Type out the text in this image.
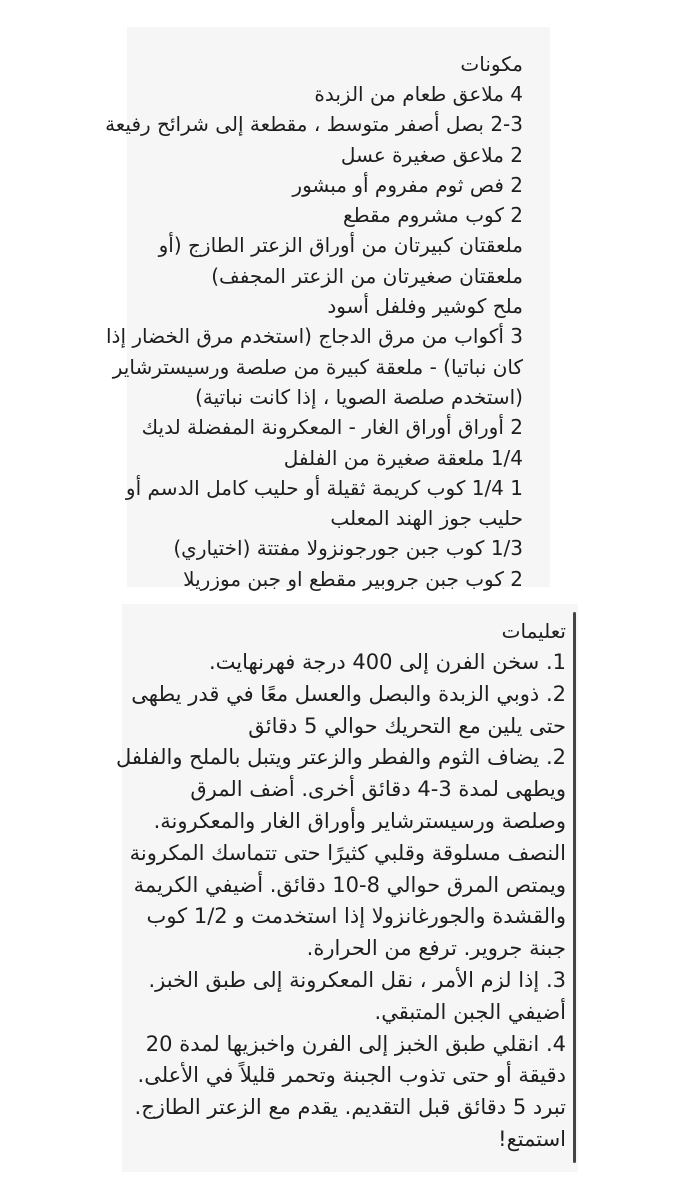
مكونات

4 ملاعق طعام من الزبدة
2-3 بصل أصفر متوسط ، مقطعة إلى شرائح رفيعة
2 ملاعق صغيرة عسل
2 فص ثوم مفروم أو مبشور
2 كوب مشروم مقطع
ملعقتان كبيرتان من أوراق الزعتر الطازج (أو
ملعقتان صغيرتان من الزعتر المجفف)
ملح كوشير وفلفل أسود
3 أكواب من مرق الدجاج (استخدم مرق الخضار إذا
كان نباتيا) - ملعقة كبيرة من صلصة ورسيسترشاير
(استخدم صلصة الصويا ، إذا كانت نباتية)
2 أوراق أوراق الغار - المعكرونة المفضلة لديك
1/4 ملعقة صغيرة من الفلفل
1 1/4 كوب كريمة ثقيلة أو حليب كامل الدسم أو
حليب جوز الهند المعلب
1/3 كوب جبن جورجونزولا مفتتة (اختياري)
2 كوب جبن جروبير مقطع او جبن موزريلا

تعليمات

1. سخن الفرن إلى 400 درجة فهرنهايت.
2. ذوبي الزبدة والبصل والعسل معًا في قدر يطهى
حتى يلين مع التحريك حوالي 5 دقائق
2. يضاف الثوم والفطر والزعتر ويتبل بالملح والفلفل
ويطهى لمدة 3-4 دقائق أخرى. أضف المرق
وصلصة ورسيسترشاير وأوراق الغار والمعكرونة.
النصف مسلوقة وقلبي كثيرًا حتى تتماسك المكرونة
ويمتص المرق حوالي 8-10 دقائق. أضيفي الكريمة
والقشدة والجورغانزولا إذا استخدمت و 1/2 كوب
جبنة جروير. ترفع من الحرارة.
3. إذا لزم الأمر ، نقل المعكرونة إلى طبق الخبز.
أضيفي الجبن المتبقي.
4. انقلي طبق الخبز إلى الفرن واخبزيها لمدة 20
دقيقة أو حتى تذوب الجبنة وتحمر قليلاً في الأعلى.
تبرد 5 دقائق قبل التقديم. يقدم مع الزعتر الطازج.
استمتع!
